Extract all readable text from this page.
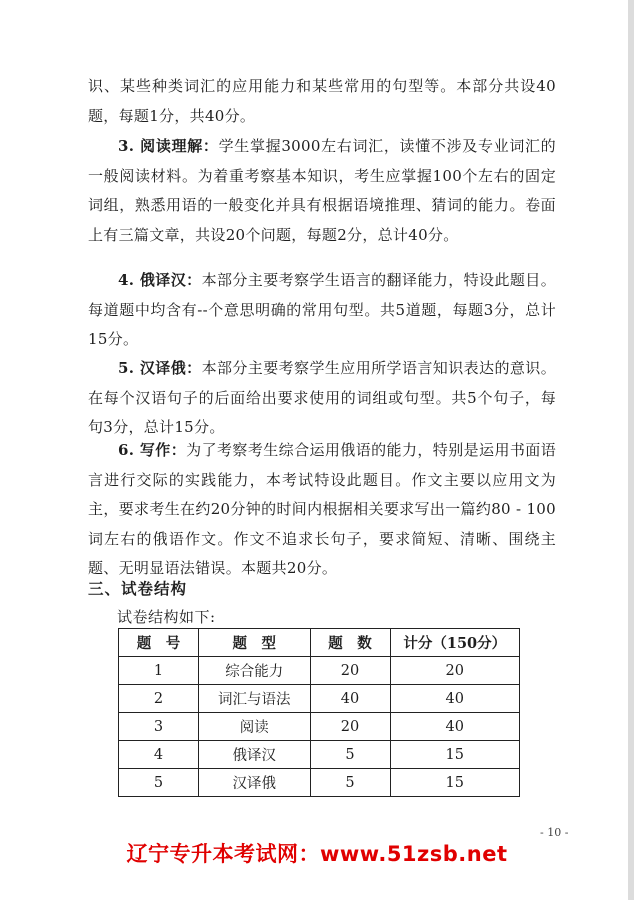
识、某些种类词汇的应用能力和某些常用的句型等。本部分共设40题，每题1分，共40分。
3. 阅读理解：学生掌握3000左右词汇，读懂不涉及专业词汇的一般阅读材料。为着重考察基本知识，考生应掌握100个左右的固定词组，熟悉用语的一般变化并具有根据语境推理、猜词的能力。卷面上有三篇文章，共设20个问题，每题2分，总计40分。
4. 俄译汉：本部分主要考察学生语言的翻译能力，特设此题目。每道题中均含有--个意思明确的常用句型。共5道题，每题3分，总计15分。
5. 汉译俄：本部分主要考察学生应用所学语言知识表达的意识。在每个汉语句子的后面给出要求使用的词组或句型。共5个句子，每句3分，总计15分。
6. 写作：为了考察考生综合运用俄语的能力，特别是运用书面语言进行交际的实践能力，本考试特设此题目。作文主要以应用文为主，要求考生在约20分钟的时间内根据相关要求写出一篇约80 - 100词左右的俄语作文。作文不追求长句子，要求简短、清晰、围绕主题、无明显语法错误。本题共20分。
三、试卷结构
试卷结构如下:
题　号	题　型	题　数	计分（150分）
1	综合能力	20	20
2	词汇与语法	40	40
3	阅读	20	40
4	俄译汉	5	15
5	汉译俄	5	15
- 10 -
辽宁专升本考试网：www.51zsb.net
